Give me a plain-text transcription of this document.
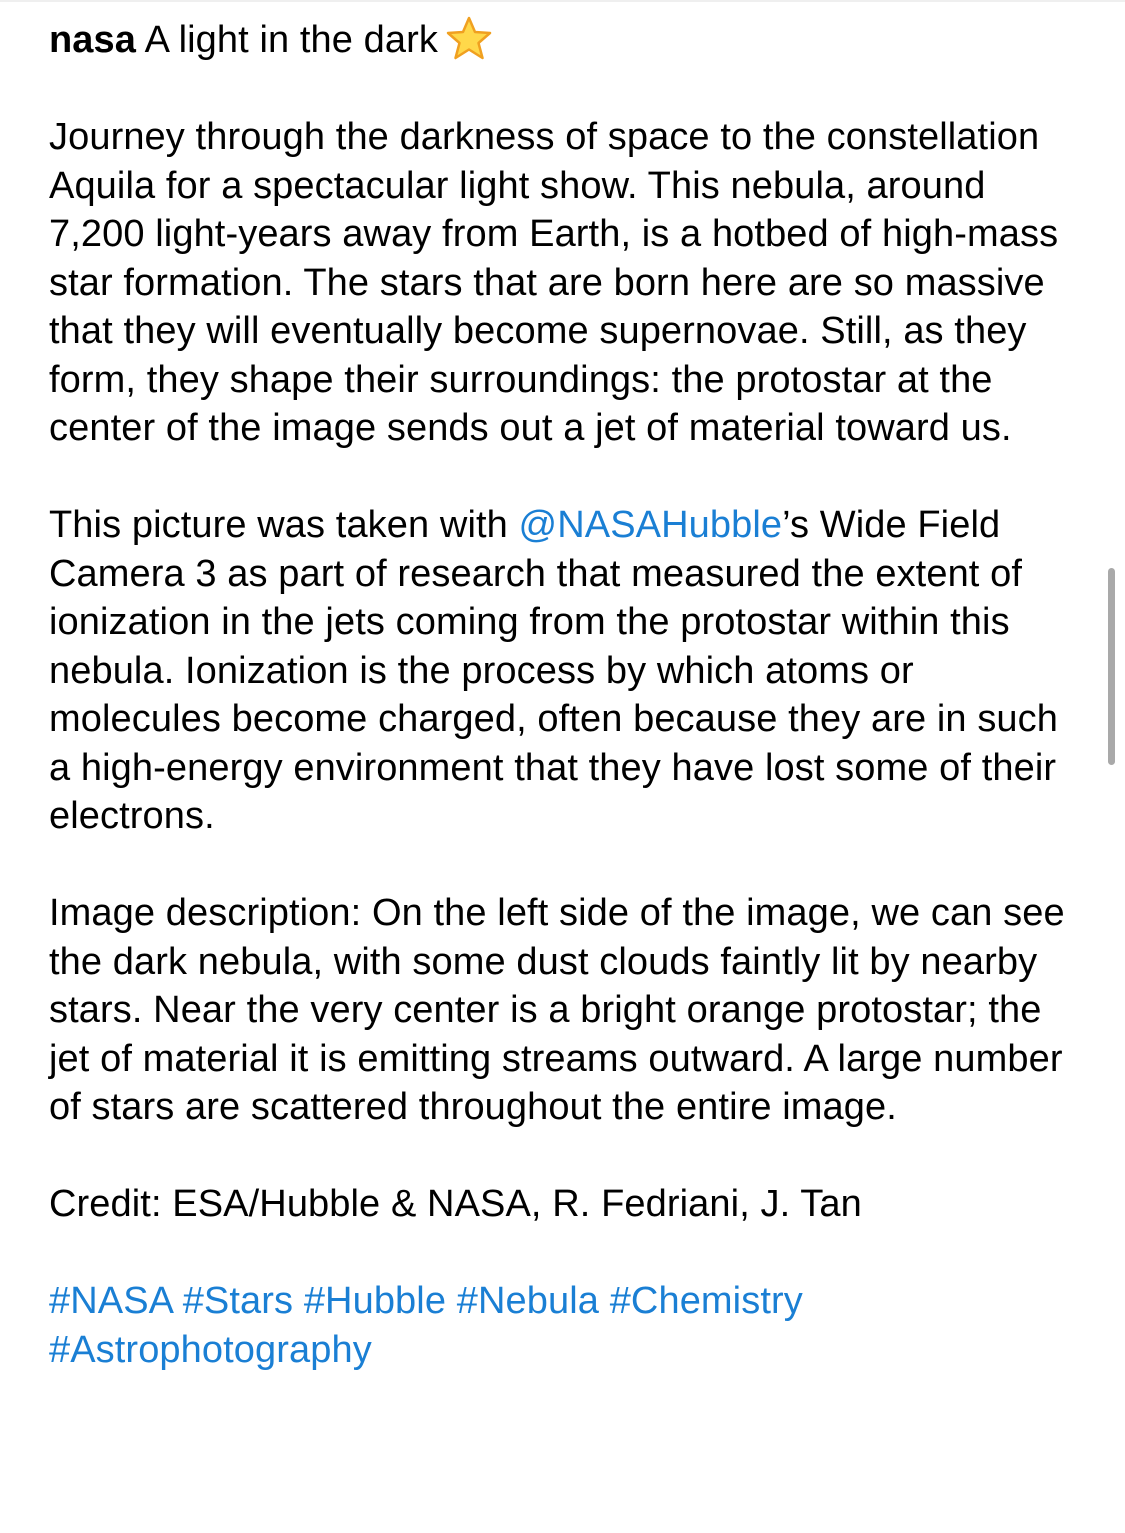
nasa A light in the dark

Journey through the darkness of space to the constellation Aquila for a spectacular light show. This nebula, around 7,200 light-years away from Earth, is a hotbed of high-mass star formation. The stars that are born here are so massive that they will eventually become supernovae. Still, as they form, they shape their surroundings: the protostar at the center of the image sends out a jet of material toward us.

This picture was taken with @NASAHubble’s Wide Field Camera 3 as part of research that measured the extent of ionization in the jets coming from the protostar within this nebula. Ionization is the process by which atoms or molecules become charged, often because they are in such a high-energy environment that they have lost some of their electrons.

Image description: On the left side of the image, we can see the dark nebula, with some dust clouds faintly lit by nearby stars. Near the very center is a bright orange protostar; the jet of material it is emitting streams outward. A large number of stars are scattered throughout the entire image.

Credit: ESA/Hubble & NASA, R. Fedriani, J. Tan

#NASA #Stars #Hubble #Nebula #Chemistry
#Astrophotography
